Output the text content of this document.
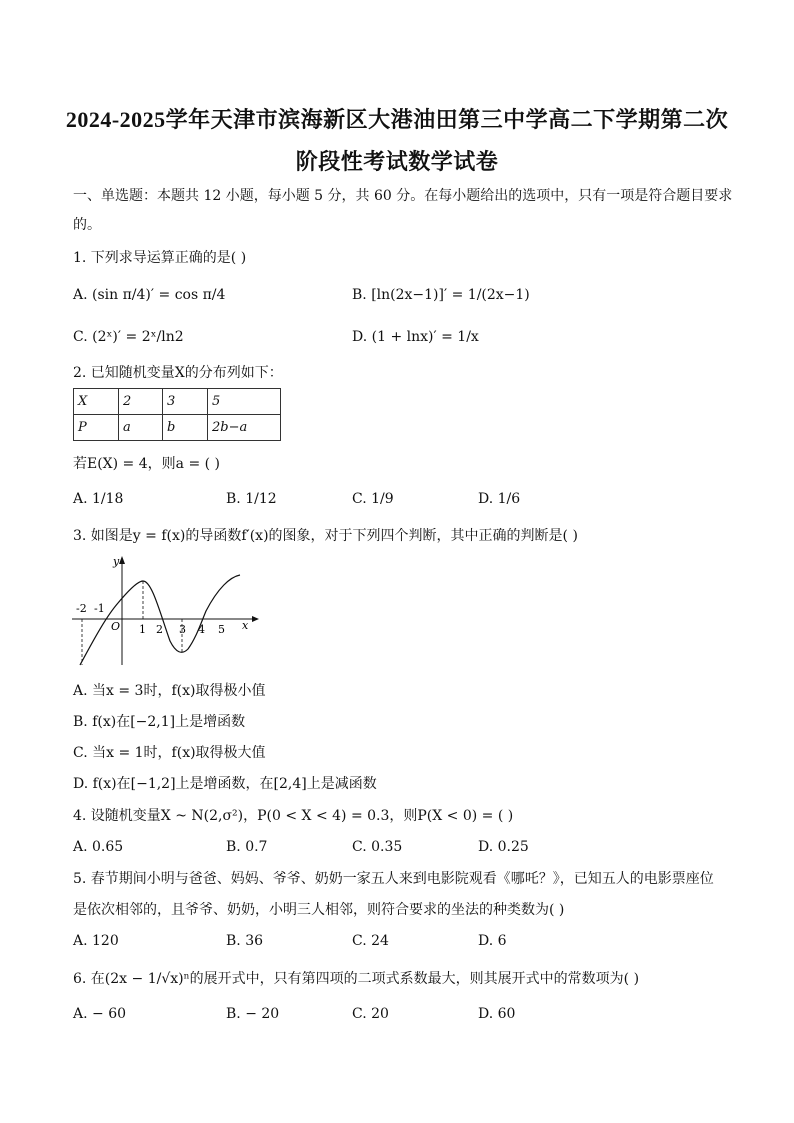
2024-2025学年天津市滨海新区大港油田第三中学高二下学期第二次
阶段性考试数学试卷
一、单选题：本题共 12 小题，每小题 5 分，共 60 分。在每小题给出的选项中，只有一项是符合题目要求
的。
1. 下列求导运算正确的是( )
A. (sin π/4)′ = cos π/4	B. [ln(2x−1)]′ = 1/(2x−1)
C. (2ˣ)′ = 2ˣ/ln2	D. (1 + lnx)′ = 1/x
2. 已知随机变量X的分布列如下：
X	2	3	5
P	a	b	2b−a
若E(X) = 4，则a = ( )
A. 1/18	B. 1/12	C. 1/9	D. 1/6
3. 如图是y = f(x)的导函数f′(x)的图象，对于下列四个判断，其中正确的判断是( )
y
x
O
-2 -1
1 2 3 4 5
A. 当x = 3时，f(x)取得极小值
B. f(x)在[−2,1]上是增函数
C. 当x = 1时，f(x)取得极大值
D. f(x)在[−1,2]上是增函数，在[2,4]上是减函数
4. 设随机变量X ~ N(2,σ²)，P(0 < X < 4) = 0.3，则P(X < 0) = ( )
A. 0.65	B. 0.7	C. 0.35	D. 0.25
5. 春节期间小明与爸爸、妈妈、爷爷、奶奶一家五人来到电影院观看《哪吒？》，已知五人的电影票座位
是依次相邻的，且爷爷、奶奶，小明三人相邻，则符合要求的坐法的种类数为( )
A. 120	B. 36	C. 24	D. 6
6. 在(2x − 1/√x)ⁿ的展开式中，只有第四项的二项式系数最大，则其展开式中的常数项为( )
A. − 60	B. − 20	C. 20	D. 60
